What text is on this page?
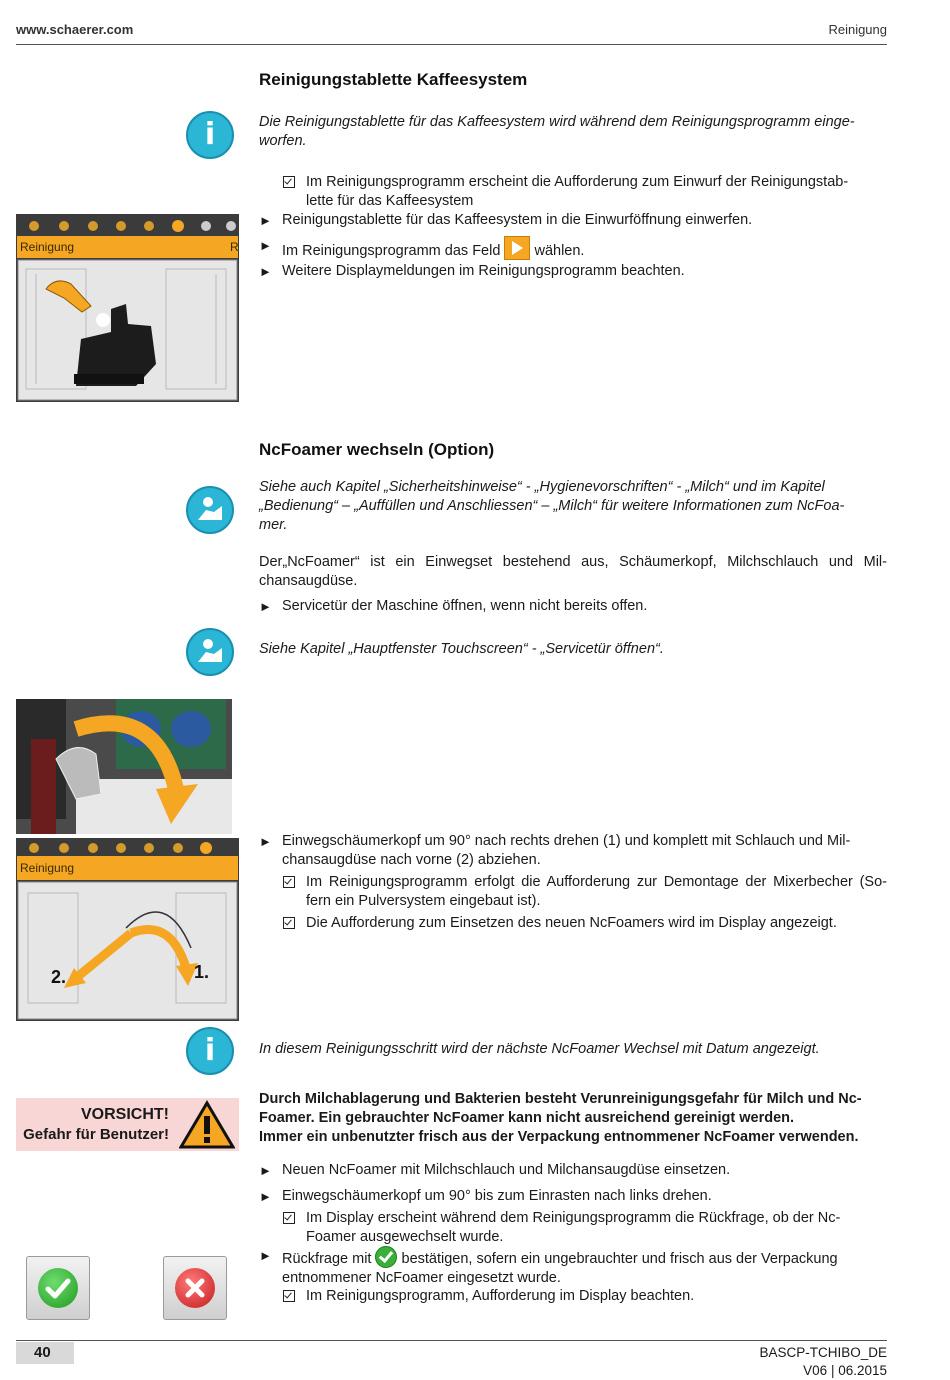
www.schaerer.com	Reinigung
Reinigungstablette Kaffeesystem
i	Die Reinigungstablette für das Kaffeesystem wird während dem Reinigungsprogramm einge-worfen.
Im Reinigungsprogramm erscheint die Aufforderung zum Einwurf der Reinigungstab-
lette für das Kaffeesystem
► Reinigungstablette für das Kaffeesystem in die Einwurföffnung einwerfen.
► Im Reinigungsprogramm das Feld wählen.
► Weitere Displaymeldungen im Reinigungsprogramm beachten.
Reinigung	R
NcFoamer wechseln (Option)
Siehe auch Kapitel „Sicherheitshinweise“ - „Hygienevorschriften“ - „Milch“ und im Kapitel
„Bedienung“ – „Auffüllen und Anschliessen“ – „Milch“ für weitere Informationen zum NcFoa-
mer.
Der„NcFoamer“ ist ein Einwegset bestehend aus, Schäumerkopf, Milchschlauch und Mil-chansaugdüse.
► Servicetür der Maschine öffnen, wenn nicht bereits offen.
Siehe Kapitel „Hauptfenster Touchscreen“ - „Servicetür öffnen“.
Reinigung
1.
2.
► Einwegschäumerkopf um 90° nach rechts drehen (1) und komplett mit Schlauch und Mil-chansaugdüse nach vorne (2) abziehen.
Im Reinigungsprogramm erfolgt die Aufforderung zur Demontage der Mixerbecher (So-fern ein Pulversystem eingebaut ist).
Die Aufforderung zum Einsetzen des neuen NcFoamers wird im Display angezeigt.
i	In diesem Reinigungsschritt wird der nächste NcFoamer Wechsel mit Datum angezeigt.
VORSICHT!
Gefahr für Benutzer!
Durch Milchablagerung und Bakterien besteht Verunreinigungsgefahr für Milch und Nc-
Foamer. Ein gebrauchter NcFoamer kann nicht ausreichend gereinigt werden.
Immer ein unbenutzter frisch aus der Verpackung entnommener NcFoamer verwenden.
► Neuen NcFoamer mit Milchschlauch und Milchansaugdüse einsetzen.
► Einwegschäumerkopf um 90° bis zum Einrasten nach links drehen.
Im Display erscheint während dem Reinigungsprogramm die Rückfrage, ob der Nc-Foamer ausgewechselt wurde.
► Rückfrage mit bestätigen, sofern ein ungebrauchter und frisch aus der Verpackung entnommener NcFoamer eingesetzt wurde.
Im Reinigungsprogramm, Aufforderung im Display beachten.
40	BASCP-TCHIBO_DE
V06 | 06.2015
